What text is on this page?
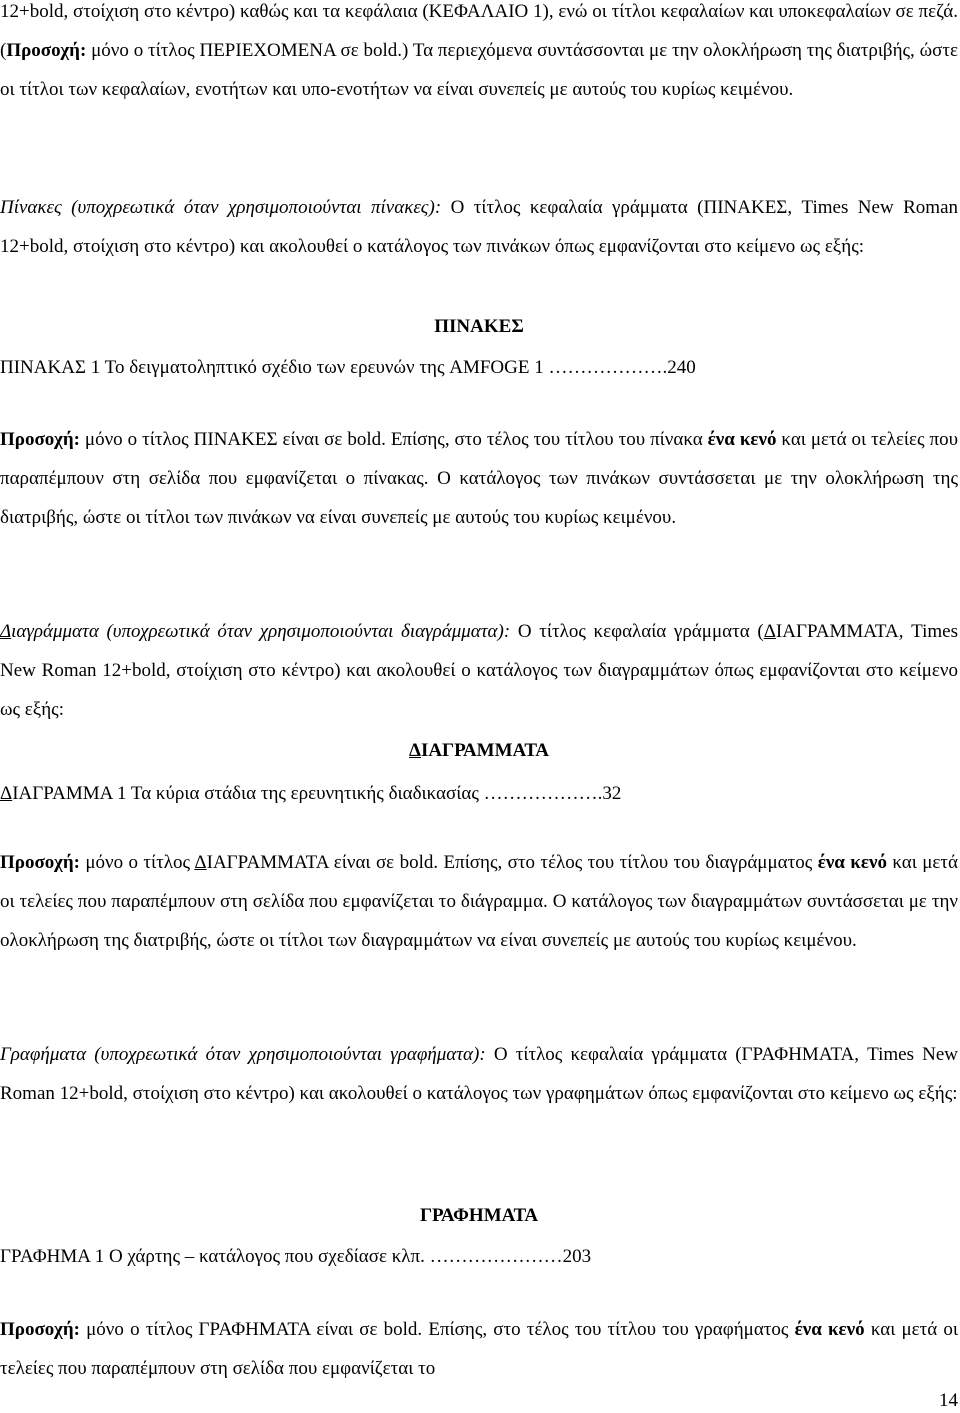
12+bold, στοίχιση στο κέντρο) καθώς και τα κεφάλαια (ΚΕΦΑΛΑΙΟ 1), ενώ οι τίτλοι κεφαλαίων και υποκεφαλαίων σε πεζά. (Προσοχή: μόνο ο τίτλος ΠΕΡΙΕΧΟΜΕΝΑ σε bold.) Τα περιεχόμενα συντάσσονται με την ολοκλήρωση της διατριβής, ώστε οι τίτλοι των κεφαλαίων, ενοτήτων και υπο-ενοτήτων να είναι συνεπείς με αυτούς του κυρίως κειμένου.

Πίνακες (υποχρεωτικά όταν χρησιμοποιούνται πίνακες): Ο τίτλος κεφαλαία γράμματα (ΠΙΝΑΚΕΣ, Times New Roman 12+bold, στοίχιση στο κέντρο) και ακολουθεί ο κατάλογος των πινάκων όπως εμφανίζονται στο κείμενο ως εξής:

ΠΙΝΑΚΕΣ

ΠΙΝΑΚΑΣ 1 Το δειγματοληπτικό σχέδιο των ερευνών της AMFOGE 1 ……………….240

Προσοχή: μόνο ο τίτλος ΠΙΝΑΚΕΣ είναι σε bold. Επίσης, στο τέλος του τίτλου του πίνακα ένα κενό και μετά οι τελείες που παραπέμπουν στη σελίδα που εμφανίζεται ο πίνακας. Ο κατάλογος των πινάκων συντάσσεται με την ολοκλήρωση της διατριβής, ώστε οι τίτλοι των πινάκων να είναι συνεπείς με αυτούς του κυρίως κειμένου.

Διαγράμματα (υποχρεωτικά όταν χρησιμοποιούνται διαγράμματα): Ο τίτλος κεφαλαία γράμματα (ΔΙΑΓΡΑΜΜΑΤΑ, Times New Roman 12+bold, στοίχιση στο κέντρο) και ακολουθεί ο κατάλογος των διαγραμμάτων όπως εμφανίζονται στο κείμενο ως εξής:

ΔΙΑΓΡΑΜΜΑΤΑ

ΔΙΑΓΡΑΜΜΑ 1 Τα κύρια στάδια της ερευνητικής διαδικασίας ……………….32

Προσοχή: μόνο ο τίτλος ΔΙΑΓΡΑΜΜΑΤΑ είναι σε bold. Επίσης, στο τέλος του τίτλου του διαγράμματος ένα κενό και μετά οι τελείες που παραπέμπουν στη σελίδα που εμφανίζεται το διάγραμμα. Ο κατάλογος των διαγραμμάτων συντάσσεται με την ολοκλήρωση της διατριβής, ώστε οι τίτλοι των διαγραμμάτων να είναι συνεπείς με αυτούς του κυρίως κειμένου.

Γραφήματα (υποχρεωτικά όταν χρησιμοποιούνται γραφήματα): Ο τίτλος κεφαλαία γράμματα (ΓΡΑΦΗΜΑΤΑ, Times New Roman 12+bold, στοίχιση στο κέντρο) και ακολουθεί ο κατάλογος των γραφημάτων όπως εμφανίζονται στο κείμενο ως εξής:

ΓΡΑΦΗΜΑΤΑ

ΓΡΑΦΗΜΑ 1 Ο χάρτης – κατάλογος που σχεδίασε κλπ. …………………203

Προσοχή: μόνο ο τίτλος ΓΡΑΦΗΜΑΤΑ είναι σε bold. Επίσης, στο τέλος του τίτλου του γραφήματος ένα κενό και μετά οι τελείες που παραπέμπουν στη σελίδα που εμφανίζεται το

14
